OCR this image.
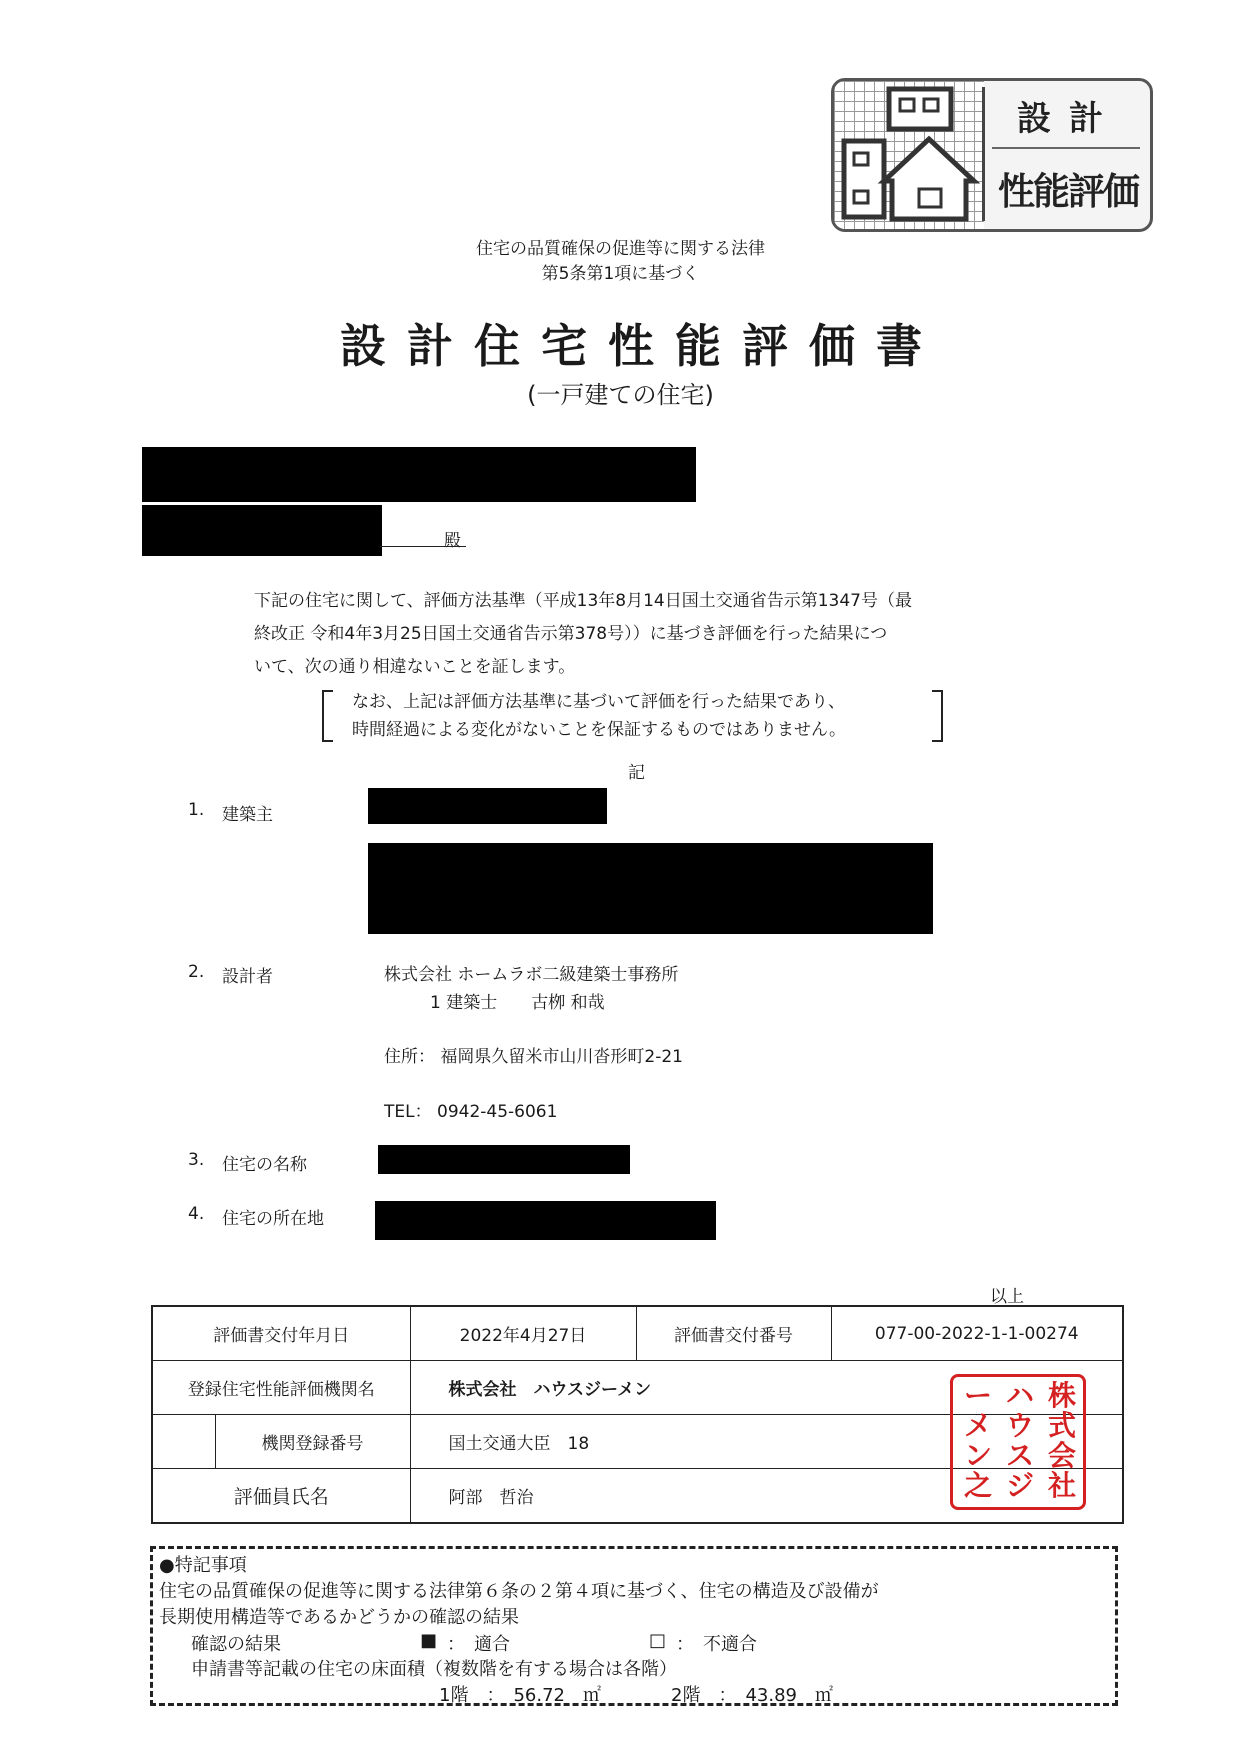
設計
性能評価
住宅の品質確保の促進等に関する法律
第5条第1項に基づく
設計住宅性能評価書
(一戸建ての住宅)
殿
下記の住宅に関して、評価方法基準（平成13年8月14日国土交通省告示第1347号（最
終改正 令和4年3月25日国土交通省告示第378号））に基づき評価を行った結果につ
いて、次の通り相違ないことを証します。
なお、上記は評価方法基準に基づいて評価を行った結果であり、
時間経過による変化がないことを保証するものではありません。
記
1. 建築主
2. 設計者	株式会社 ホームラボ二級建築士事務所
1 建築士　　古栁 和哉
住所： 福岡県久留米市山川沓形町2-21
TEL： 0942-45-6061
3. 住宅の名称
4. 住宅の所在地
以上
評価書交付年月日		2022年4月27日	評価書交付番号	077-00-2022-1-1-00274
登録住宅性能評価機関名		株式会社　ハウスジーメン		
	機関登録番号	国土交通大臣　18		
評価員氏名		阿部　哲治		
株式会社
ハウスジ
ーメン之
●特記事項
住宅の品質確保の促進等に関する法律第６条の２第４項に基づく、住宅の構造及び設備が
長期使用構造等であるかどうかの確認の結果
確認の結果	■ ：　適合	□ ：　不適合
申請書等記載の住宅の床面積（複数階を有する場合は各階）
1階　：　56.72　㎡	2階　：　43.89　㎡
